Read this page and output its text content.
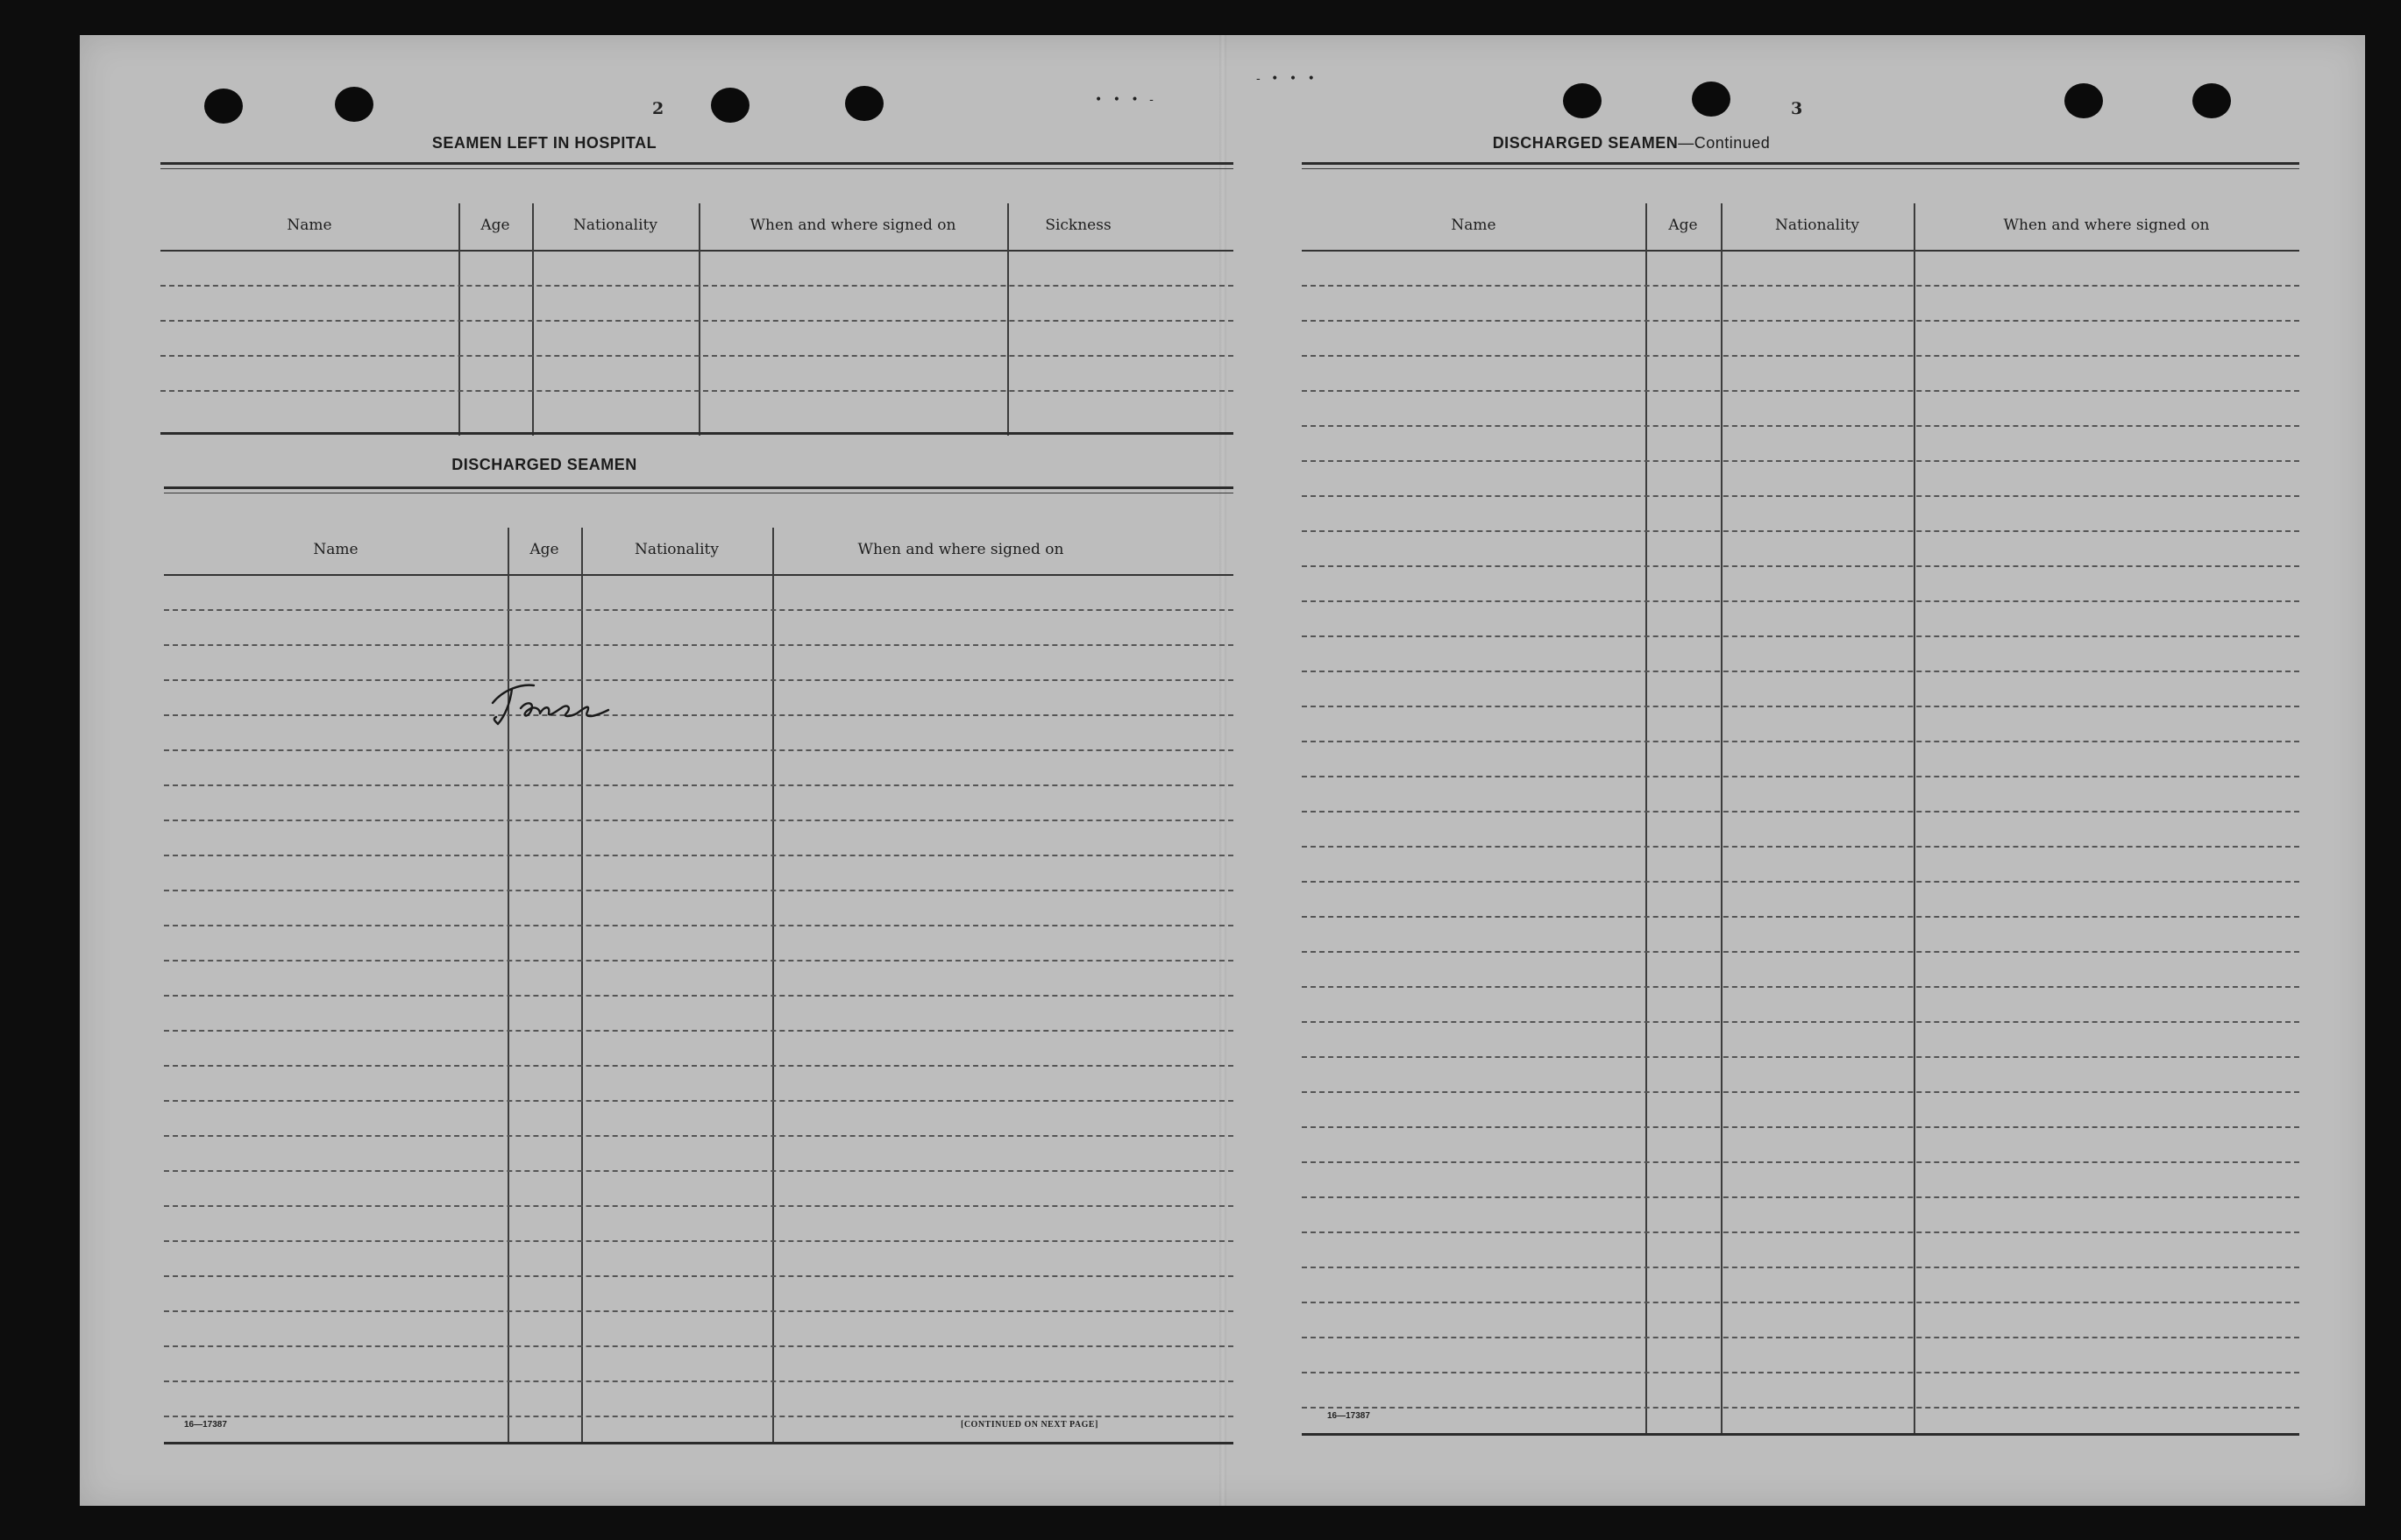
• • • -
- • • •
2
SEAMEN LEFT IN HOSPITAL
Name	Age	Nationality	When and where signed on	Sickness
DISCHARGED SEAMEN
Name	Age	Nationality	When and where signed on
16—17387	[CONTINUED ON NEXT PAGE]
3
DISCHARGED SEAMEN—Continued
Name	Age	Nationality	When and where signed on
16—17387
